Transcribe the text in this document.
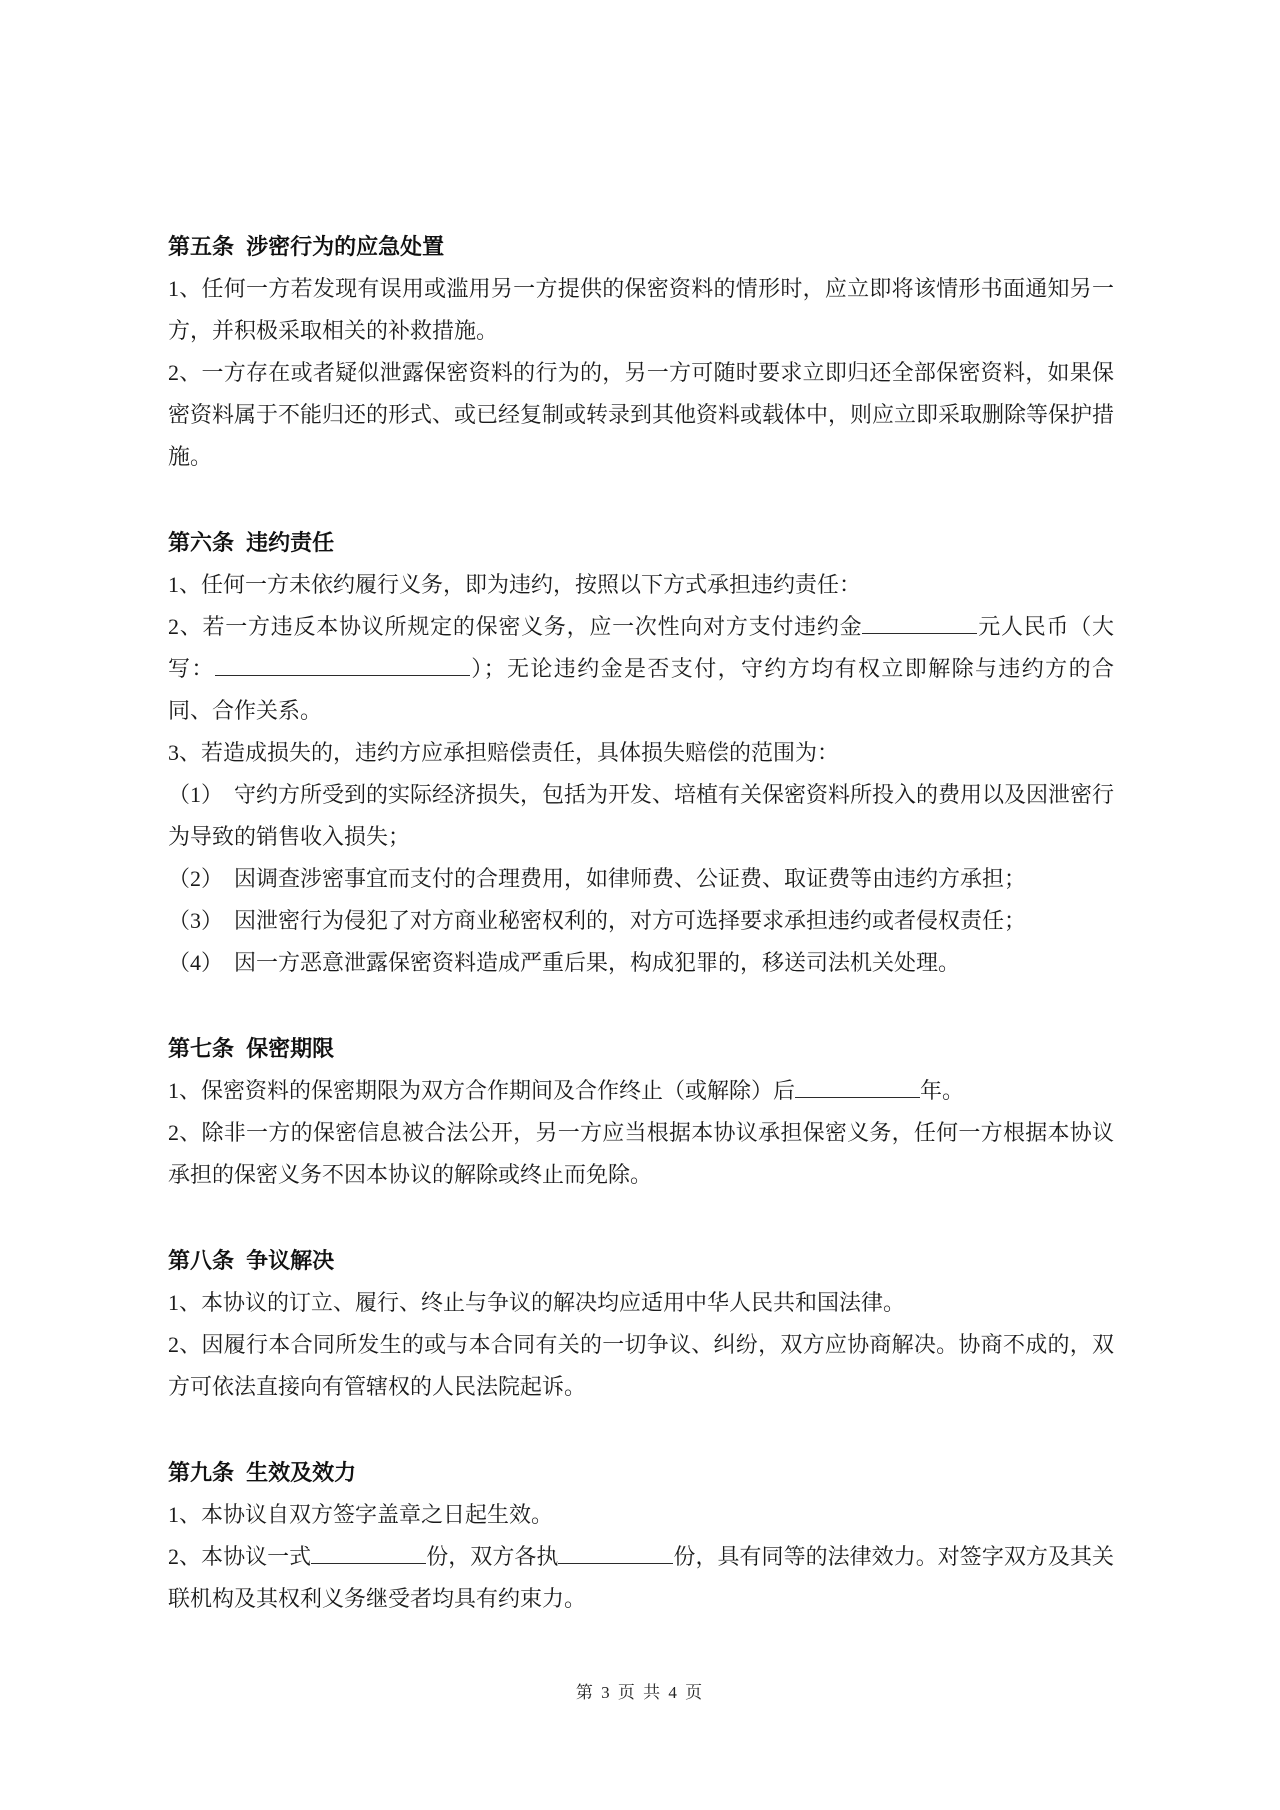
第五条 涉密行为的应急处置

1、任何一方若发现有误用或滥用另一方提供的保密资料的情形时，应立即将该情形书面通知另一方，并积极采取相关的补救措施。

2、一方存在或者疑似泄露保密资料的行为的，另一方可随时要求立即归还全部保密资料，如果保密资料属于不能归还的形式、或已经复制或转录到其他资料或载体中，则应立即采取删除等保护措施。

第六条 违约责任

1、任何一方未依约履行义务，即为违约，按照以下方式承担违约责任：

2、若一方违反本协议所规定的保密义务，应一次性向对方支付违约金	元人民币（大写：	）；无论违约金是否支付，守约方均有权立即解除与违约方的合同、合作关系。

3、若造成损失的，违约方应承担赔偿责任，具体损失赔偿的范围为：

（1）　守约方所受到的实际经济损失，包括为开发、培植有关保密资料所投入的费用以及因泄密行为导致的销售收入损失；

（2）　因调查涉密事宜而支付的合理费用，如律师费、公证费、取证费等由违约方承担；

（3）　因泄密行为侵犯了对方商业秘密权利的，对方可选择要求承担违约或者侵权责任；

（4）　因一方恶意泄露保密资料造成严重后果，构成犯罪的，移送司法机关处理。

第七条 保密期限

1、保密资料的保密期限为双方合作期间及合作终止（或解除）后	年。

2、除非一方的保密信息被合法公开，另一方应当根据本协议承担保密义务，任何一方根据本协议承担的保密义务不因本协议的解除或终止而免除。

第八条 争议解决

1、本协议的订立、履行、终止与争议的解决均应适用中华人民共和国法律。

2、因履行本合同所发生的或与本合同有关的一切争议、纠纷，双方应协商解决。协商不成的，双方可依法直接向有管辖权的人民法院起诉。

第九条 生效及效力

1、本协议自双方签字盖章之日起生效。

2、本协议一式	份，双方各执	份，具有同等的法律效力。对签字双方及其关联机构及其权利义务继受者均具有约束力。

第 3 页 共 4 页
